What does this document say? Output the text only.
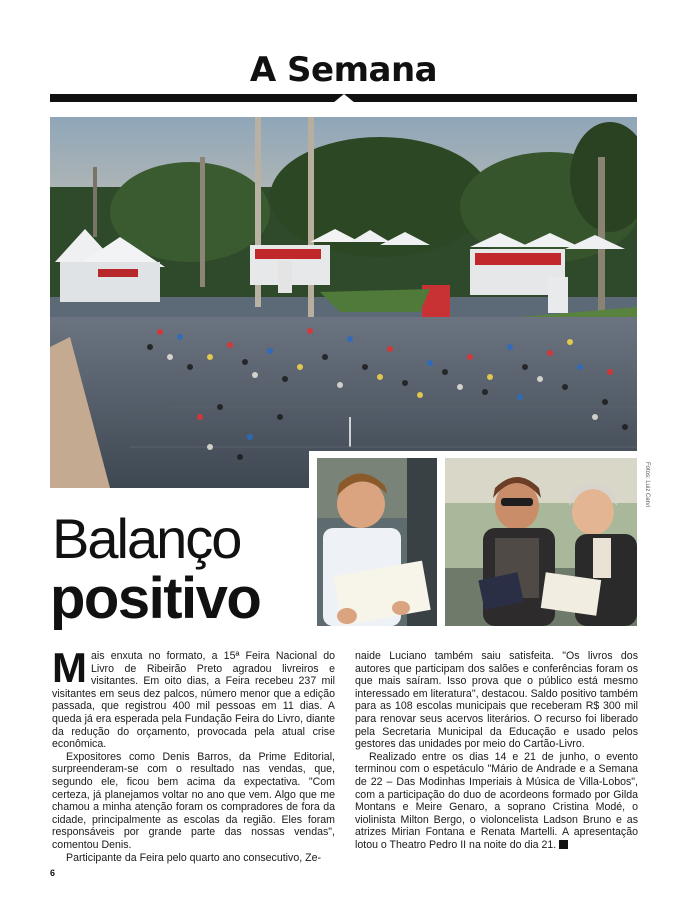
A Semana
Fotos: Luiz Cervi
Balanço
positivo

Mais enxuta no formato, a 15ª Feira Nacional do Livro de Ribeirão Preto agradou livreiros e visitantes. Em oito dias, a Feira recebeu 237 mil visitantes em seus dez palcos, número menor que a edição passada, que registrou 400 mil pessoas em 11 dias. A queda já era esperada pela Fundação Feira do Livro, diante da redução do orçamento, provocada pela atual crise econômica.

Expositores como Denis Barros, da Prime Editorial, surpreenderam-se com o resultado nas vendas, que, segundo ele, ficou bem acima da expectativa. "Com certeza, já planejamos voltar no ano que vem. Algo que me chamou a minha atenção foram os compradores de fora da cidade, principalmente as escolas da região. Eles foram responsáveis por grande parte das nossas vendas", comentou Denis.

Participante da Feira pelo quarto ano consecutivo, Ze-

naide Luciano também saiu satisfeita. "Os livros dos autores que participam dos salões e conferências foram os que mais saíram. Isso prova que o público está mesmo interessado em literatura", destacou. Saldo positivo também para as 108 escolas municipais que receberam R$ 300 mil para renovar seus acervos literários. O recurso foi liberado pela Secretaria Municipal da Educação e usado pelos gestores das unidades por meio do Cartão-Livro.

Realizado entre os dias 14 e 21 de junho, o evento terminou com o espetáculo "Mário de Andrade e a Semana de 22 – Das Modinhas Imperiais à Música de Villa-Lobos", com a participação do duo de acordeons formado por Gilda Montans e Meire Genaro, a soprano Cristina Modé, o violinista Milton Bergo, o violoncelista Ladson Bruno e as atrizes Mirian Fontana e Renata Martelli. A apresentação lotou o Theatro Pedro II na noite do dia 21.

6
